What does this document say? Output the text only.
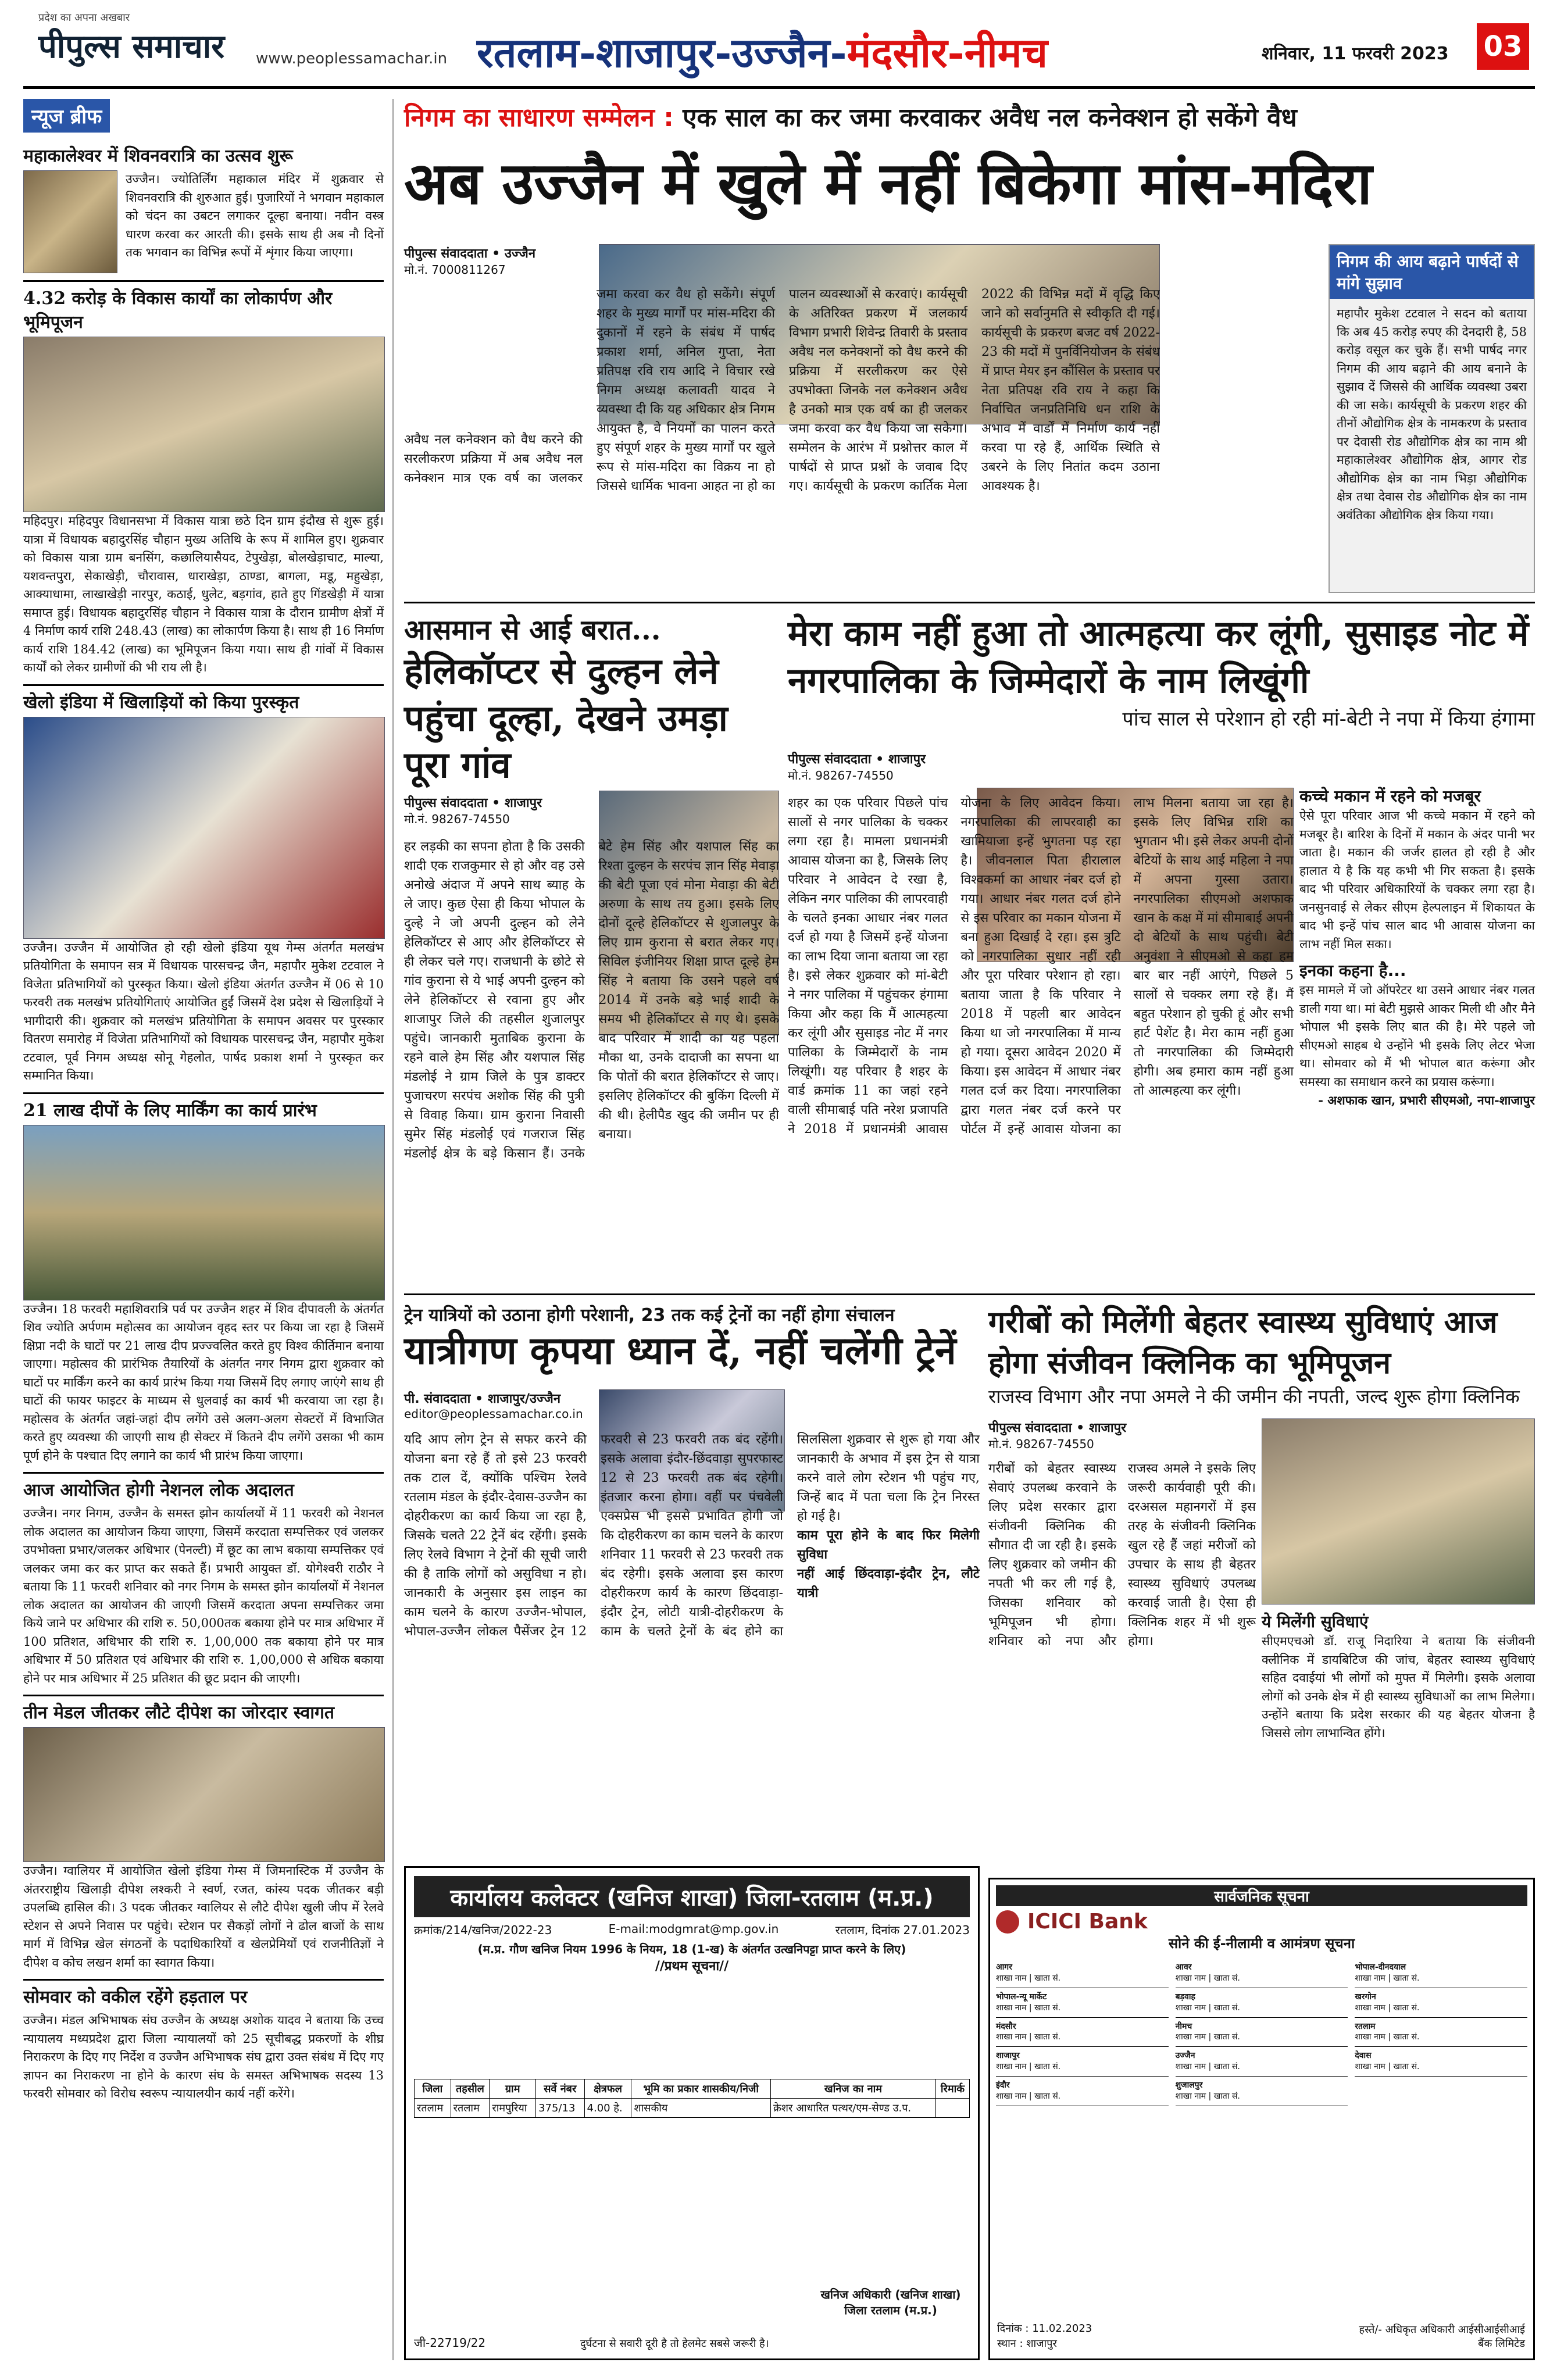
प्रदेश का अपना अखबार
पीपुल्स समाचार www.peoplessamachar.in रतलाम-शाजापुर-उज्जैन-मंदसौर-नीमच	शनिवार, 11 फरवरी 2023 03
न्यूज ब्रीफ
महाकालेश्वर में शिवनवरात्रि का उत्सव शुरू
उज्जैन। ज्योतिर्लिंग महाकाल मंदिर में शुक्रवार से शिवनवरात्रि की शुरुआत हुई। पुजारियों ने भगवान महाकाल को चंदन का उबटन लगाकर दूल्हा बनाया। नवीन वस्त्र धारण करवा कर आरती की। इसके साथ ही अब नौ दिनों तक भगवान का विभिन्न रूपों में शृंगार किया जाएगा।
4.32 करोड़ के विकास कार्यों का लोकार्पण और भूमिपूजन
महिदपुर। महिदपुर विधानसभा में विकास यात्रा छठे दिन ग्राम इंदौख से शुरू हुई। यात्रा में विधायक बहादुरसिंह चौहान मुख्य अतिथि के रूप में शामिल हुए। शुक्रवार को विकास यात्रा ग्राम बनसिंग, कछालियासैयद, टेपुखेड़ा, बोलखेड़ाचाट, माल्या, यशवन्तपुरा, सेकाखेड़ी, चौरावास, धाराखेड़ा, ठाण्डा, बागला, मडू, महुखेड़ा, आक्याधामा, लाखाखेड़ी नारपुर, कठाई, धुलेट, बड़गांव, हाते हुए गिंडखेड़ी में यात्रा समाप्त हुई। विधायक बहादुरसिंह चौहान ने विकास यात्रा के दौरान ग्रामीण क्षेत्रों में 4 निर्माण कार्य राशि 248.43 (लाख) का लोकार्पण किया है। साथ ही 16 निर्माण कार्य राशि 184.42 (लाख) का भूमिपूजन किया गया। साथ ही गांवों में विकास कार्यों को लेकर ग्रामीणों की भी राय ली है।
खेलो इंडिया में खिलाड़ियों को किया पुरस्कृत
उज्जैन। उज्जैन में आयोजित हो रही खेलो इंडिया यूथ गेम्स अंतर्गत मलखंभ प्रतियोगिता के समापन सत्र में विधायक पारसचन्द्र जैन, महापौर मुकेश टटवाल ने विजेता प्रतिभागियों को पुरस्कृत किया। खेलो इंडिया अंतर्गत उज्जैन में 06 से 10 फरवरी तक मलखंभ प्रतियोगिताएं आयोजित हुईं जिसमें देश प्रदेश से खिलाड़ियों ने भागीदारी की। शुक्रवार को मलखंभ प्रतियोगिता के समापन अवसर पर पुरस्कार वितरण समारोह में विजेता प्रतिभागियों को विधायक पारसचन्द्र जैन, महापौर मुकेश टटवाल, पूर्व निगम अध्यक्ष सोनू गेहलोत, पार्षद प्रकाश शर्मा ने पुरस्कृत कर सम्मानित किया।
21 लाख दीपों के लिए मार्किंग का कार्य प्रारंभ
उज्जैन। 18 फरवरी महाशिवरात्रि पर्व पर उज्जैन शहर में शिव दीपावली के अंतर्गत शिव ज्योति अर्पणम महोत्सव का आयोजन वृहद स्तर पर किया जा रहा है जिसमें क्षिप्रा नदी के घाटों पर 21 लाख दीप प्रज्ज्वलित करते हुए विश्व कीर्तिमान बनाया जाएगा। महोत्सव की प्रारंभिक तैयारियों के अंतर्गत नगर निगम द्वारा शुक्रवार को घाटों पर मार्किंग करने का कार्य प्रारंभ किया गया जिसमें दिए लगाए जाएंगे साथ ही घाटों की फायर फाइटर के माध्यम से धुलवाई का कार्य भी करवाया जा रहा है। महोत्सव के अंतर्गत जहां-जहां दीप लगेंगे उसे अलग-अलग सेक्टरों में विभाजित करते हुए व्यवस्था की जाएगी साथ ही सेक्टर में कितने दीप लगेंगे उसका भी काम पूर्ण होने के पश्चात दिए लगाने का कार्य भी प्रारंभ किया जाएगा।
आज आयोजित होगी नेशनल लोक अदालत
उज्जैन। नगर निगम, उज्जैन के समस्त झोन कार्यालयों में 11 फरवरी को नेशनल लोक अदालत का आयोजन किया जाएगा, जिसमें करदाता सम्पत्तिकर एवं जलकर उपभोक्ता प्रभार/जलकर अधिभार (पेनल्टी) में छूट का लाभ बकाया सम्पत्तिकर एवं जलकर जमा कर कर प्राप्त कर सकते हैं। प्रभारी आयुक्त डॉ. योगेश्वरी राठौर ने बताया कि 11 फरवरी शनिवार को नगर निगम के समस्त झोन कार्यालयों में नेशनल लोक अदालत का आयोजन की जाएगी जिसमें करदाता अपना सम्पत्तिकर जमा किये जाने पर अधिभार की राशि रु. 50,000तक बकाया होने पर मात्र अधिभार में 100 प्रतिशत, अधिभार की राशि रु. 1,00,000 तक बकाया होने पर मात्र अधिभार में 50 प्रतिशत एवं अधिभार की राशि रु. 1,00,000 से अधिक बकाया होने पर मात्र अधिभार में 25 प्रतिशत की छूट प्रदान की जाएगी।
तीन मेडल जीतकर लौटे दीपेश का जोरदार स्वागत
उज्जैन। ग्वालियर में आयोजित खेलो इंडिया गेम्स में जिमनास्टिक में उज्जैन के अंतरराष्ट्रीय खिलाड़ी दीपेश लश्करी ने स्वर्ण, रजत, कांस्य पदक जीतकर बड़ी उपलब्धि हासिल की। 3 पदक जीतकर ग्वालियर से लौटे दीपेश खुली जीप में रेलवे स्टेशन से अपने निवास पर पहुंचे। स्टेशन पर सैकड़ों लोगों ने ढोल बाजों के साथ मार्ग में विभिन्न खेल संगठनों के पदाधिकारियों व खेलप्रेमियों एवं राजनीतिज्ञों ने दीपेश व कोच लखन शर्मा का स्वागत किया।
सोमवार को वकील रहेंगे हड़ताल पर
उज्जैन। मंडल अभिभाषक संघ उज्जैन के अध्यक्ष अशोक यादव ने बताया कि उच्च न्यायालय मध्यप्रदेश द्वारा जिला न्यायालयों को 25 सूचीबद्ध प्रकरणों के शीघ्र निराकरण के दिए गए निर्देश व उज्जैन अभिभाषक संघ द्वारा उक्त संबंध में दिए गए ज्ञापन का निराकरण ना होने के कारण संघ के समस्त अभिभाषक सदस्य 13 फरवरी सोमवार को विरोध स्वरूप न्यायालयीन कार्य नहीं करेंगे।
निगम का साधारण सम्मेलन : एक साल का कर जमा करवाकर अवैध नल कनेक्शन हो सकेंगे वैध
अब उज्जैन में खुले में नहीं बिकेगा मांस-मदिरा
पीपुल्स संवाददाता • उज्जैन
मो.नं. 7000811267
अवैध नल कनेक्शन को वैध करने की सरलीकरण प्रक्रिया में अब अवैध नल कनेक्शन मात्र एक वर्ष का जलकर जमा करवा कर वैध हो सकेंगे। संपूर्ण शहर के मुख्य मार्गों पर मांस-मदिरा की दुकानों में रहने के संबंध में पार्षद प्रकाश शर्मा, अनिल गुप्ता, नेता प्रतिपक्ष रवि राय आदि ने विचार रखे निगम अध्यक्ष कलावती यादव ने व्यवस्था दी कि यह अधिकार क्षेत्र निगम आयुक्त है, वे नियमों का पालन करते हुए संपूर्ण शहर के मुख्य मार्गों पर खुले रूप से मांस-मदिरा का विक्रय ना हो जिससे धार्मिक भावना आहत ना हो का पालन व्यवस्थाओं से करवाएं। कार्यसूची के अतिरिक्त प्रकरण में जलकार्य विभाग प्रभारी शिवेन्द्र तिवारी के प्रस्ताव अवैध नल कनेक्शनों को वैध करने की प्रक्रिया में सरलीकरण कर ऐसे उपभोक्ता जिनके नल कनेक्शन अवैध है उनको मात्र एक वर्ष का ही जलकर जमा करवा कर वैध किया जा सकेगा। सम्मेलन के आरंभ में प्रश्नोत्तर काल में पार्षदों से प्राप्त प्रश्नों के जवाब दिए गए। कार्यसूची के प्रकरण कार्तिक मेला 2022 की विभिन्न मदों में वृद्धि किए जाने को सर्वानुमति से स्वीकृति दी गई। कार्यसूची के प्रकरण बजट वर्ष 2022-23 की मदों में पुनर्विनियोजन के संबंध में प्राप्त मेयर इन कौंसिल के प्रस्ताव पर नेता प्रतिपक्ष रवि राय ने कहा कि निर्वाचित जनप्रतिनिधि धन राशि के अभाव में वार्डों में निर्माण कार्य नहीं करवा पा रहे हैं, आर्थिक स्थिति से उबरने के लिए नितांत कदम उठाना आवश्यक है।
निगम की आय बढ़ाने पार्षदों से मांगे सुझाव
महापौर मुकेश टटवाल ने सदन को बताया कि अब 45 करोड़ रुपए की देनदारी है, 58 करोड़ वसूल कर चुके हैं। सभी पार्षद नगर निगम की आय बढ़ाने की आय बनाने के सुझाव दें जिससे की आर्थिक व्यवस्था उबरा की जा सके। कार्यसूची के प्रकरण शहर की तीनों औद्योगिक क्षेत्र के नामकरण के प्रस्ताव पर देवासी रोड औद्योगिक क्षेत्र का नाम श्री महाकालेश्वर औद्योगिक क्षेत्र, आगर रोड औद्योगिक क्षेत्र का नाम भिड़ा औद्योगिक क्षेत्र तथा देवास रोड औद्योगिक क्षेत्र का नाम अवंतिका औद्योगिक क्षेत्र किया गया।
आसमान से आई बरात...
हेलिकॉप्टर से दुल्हन लेने पहुंचा दूल्हा, देखने उमड़ा पूरा गांव
पीपुल्स संवाददाता • शाजापुर
मो.नं. 98267-74550
हर लड़की का सपना होता है कि उसकी शादी एक राजकुमार से हो और वह उसे अनोखे अंदाज में अपने साथ ब्याह के ले जाए। कुछ ऐसा ही किया भोपाल के दुल्हे ने जो अपनी दुल्हन को लेने हेलिकॉप्टर से आए और हेलिकॉप्टर से ही लेकर चले गए। राजधानी के छोटे से गांव कुराना से ये भाई अपनी दुल्हन को लेने हेलिकॉप्टर से रवाना हुए और शाजापुर जिले की तहसील शुजालपुर पहुंचे। जानकारी मुताबिक कुराना के रहने वाले हेम सिंह और यशपाल सिंह मंडलोई ने ग्राम जिले के पुत्र डाक्टर पुजाचरण सरपंच अशोक सिंह की पुत्री से विवाह किया। ग्राम कुराना निवासी सुमेर सिंह मंडलोई एवं गजराज सिंह मंडलोई क्षेत्र के बड़े किसान हैं। उनके बेटे हेम सिंह और यशपाल सिंह का रिश्ता दुल्हन के सरपंच ज्ञान सिंह मेवाड़ा की बेटी पूजा एवं मोना मेवाड़ा की बेटी अरुणा के साथ तय हुआ। इसके लिए दोनों दूल्हे हेलिकॉप्टर से शुजालपुर के लिए ग्राम कुराना से बरात लेकर गए। सिविल इंजीनियर शिक्षा प्राप्त दूल्हे हेम सिंह ने बताया कि उसने पहले वर्ष 2014 में उनके बड़े भाई शादी के समय भी हेलिकॉप्टर से गए थे। इसके बाद परिवार में शादी का यह पहला मौका था, उनके दादाजी का सपना था कि पोतों की बरात हेलिकॉप्टर से जाए। इसलिए हेलिकॉप्टर की बुकिंग दिल्ली में की थी। हेलीपैड खुद की जमीन पर ही बनाया।
मेरा काम नहीं हुआ तो आत्महत्या कर लूंगी, सुसाइड नोट में नगरपालिका के जिम्मेदारों के नाम लिखूंगी
पांच साल से परेशान हो रही मां-बेटी ने नपा में किया हंगामा
पीपुल्स संवाददाता • शाजापुर
मो.नं. 98267-74550
शहर का एक परिवार पिछले पांच सालों से नगर पालिका के चक्कर लगा रहा है। मामला प्रधानमंत्री आवास योजना का है, जिसके लिए परिवार ने आवेदन दे रखा है, लेकिन नगर पालिका की लापरवाही के चलते इनका आधार नंबर गलत दर्ज हो गया है जिसमें इन्हें योजना का लाभ दिया जाना बताया जा रहा है। इसे लेकर शुक्रवार को मां-बेटी ने नगर पालिका में पहुंचकर हंगामा किया और कहा कि मैं आत्महत्या कर लूंगी और सुसाइड नोट में नगर पालिका के जिम्मेदारों के नाम लिखूंगी। यह परिवार है शहर के वार्ड क्रमांक 11 का जहां रहने वाली सीमाबाई पति नरेश प्रजापति ने 2018 में प्रधानमंत्री आवास योजना के लिए आवेदन किया। नगरपालिका की लापरवाही का खामियाजा इन्हें भुगतना पड़ रहा है। जीवनलाल पिता हीरालाल विश्वकर्मा का आधार नंबर दर्ज हो गया। आधार नंबर गलत दर्ज होने से इस परिवार का मकान योजना में बना हुआ दिखाई दे रहा। इस त्रुटि को नगरपालिका सुधार नहीं रही और पूरा परिवार परेशान हो रहा। बताया जाता है कि परिवार ने 2018 में पहली बार आवेदन किया था जो नगरपालिका में मान्य हो गया। दूसरा आवेदन 2020 में किया। इस आवेदन में आधार नंबर गलत दर्ज कर दिया। नगरपालिका द्वारा गलत नंबर दर्ज करने पर पोर्टल में इन्हें आवास योजना का लाभ मिलना बताया जा रहा है। इसके लिए विभिन्न राशि का भुगतान भी। इसे लेकर अपनी दोनों बेटियों के साथ आई महिला ने नपा में अपना गुस्सा उतारा। नगरपालिका सीएमओ अशफाक खान के कक्ष में मां सीमाबाई अपनी दो बेटियों के साथ पहुंची। बेटी अनुवंशा ने सीएमओ से कहा हम बार बार नहीं आएंगे, पिछले 5 सालों से चक्कर लगा रहे हैं। मैं बहुत परेशान हो चुकी हूं और सभी हार्ट पेशेंट है। मेरा काम नहीं हुआ तो नगरपालिका की जिम्मेदारी होगी। अब हमारा काम नहीं हुआ तो आत्महत्या कर लूंगी।
कच्चे मकान में रहने को मजबूर
ऐसे पूरा परिवार आज भी कच्चे मकान में रहने को मजबूर है। बारिश के दिनों में मकान के अंदर पानी भर जाता है। मकान की जर्जर हालत हो रही है और हालात ये है कि यह कभी भी गिर सकता है। इसके बाद भी परिवार अधिकारियों के चक्कर लगा रहा है। जनसुनवाई से लेकर सीएम हेल्पलाइन में शिकायत के बाद भी इन्हें पांच साल बाद भी आवास योजना का लाभ नहीं मिल सका।
इनका कहना है...
इस मामले में जो ऑपरेटर था उसने आधार नंबर गलत डाली गया था। मां बेटी मुझसे आकर मिली थी और मैने भोपाल भी इसके लिए बात की है। मेरे पहले जो सीएमओ साहब थे उन्होंने भी इसके लिए लेटर भेजा था। सोमवार को मैं भी भोपाल बात करूंगा और समस्या का समाधान करने का प्रयास करूंगा।
- अशफाक खान, प्रभारी सीएमओ, नपा-शाजापुर
ट्रेन यात्रियों को उठाना होगी परेशानी, 23 तक कई ट्रेनों का नहीं होगा संचालन
यात्रीगण कृपया ध्यान दें, नहीं चलेंगी ट्रेनें
पी. संवाददाता • शाजापुर/उज्जैन
editor@peoplessamachar.co.in
यदि आप लोग ट्रेन से सफर करने की योजना बना रहे हैं तो इसे 23 फरवरी तक टाल दें, क्योंकि पश्चिम रेलवे रतलाम मंडल के इंदौर-देवास-उज्जैन का दोहरीकरण का कार्य किया जा रहा है, जिसके चलते 22 ट्रेनें बंद रहेंगी। इसके लिए रेलवे विभाग ने ट्रेनों की सूची जारी की है ताकि लोगों को असुविधा न हो। जानकारी के अनुसार इस लाइन का काम चलने के कारण उज्जैन-भोपाल, भोपाल-उज्जैन लोकल पैसेंजर ट्रेन 12 फरवरी से 23 फरवरी तक बंद रहेंगी। इसके अलावा इंदौर-छिंदवाड़ा सुपरफास्ट 12 से 23 फरवरी तक बंद रहेगी। इंतजार करना होगा। वहीं पर पंचवेली एक्सप्रेस भी इससे प्रभावित होगी जो कि दोहरीकरण का काम चलने के कारण शनिवार 11 फरवरी से 23 फरवरी तक बंद रहेगी। इसके अलावा इस कारण दोहरीकरण कार्य के कारण छिंदवाड़ा-इंदौर ट्रेन, लोटी यात्री-दोहरीकरण के काम के चलते ट्रेनों के बंद होने का सिलसिला शुक्रवार से शुरू हो गया और जानकारी के अभाव में इस ट्रेन से यात्रा करने वाले लोग स्टेशन भी पहुंच गए, जिन्हें बाद में पता चला कि ट्रेन निरस्त हो गई है।
काम पूरा होने के बाद फिर मिलेगी सुविधा
नहीं आई छिंदवाड़ा-इंदौर ट्रेन, लौटे यात्री
गरीबों को मिलेंगी बेहतर स्वास्थ्य सुविधाएं आज होगा संजीवन क्लिनिक का भूमिपूजन
राजस्व विभाग और नपा अमले ने की जमीन की नपती, जल्द शुरू होगा क्लिनिक
पीपुल्स संवाददाता • शाजापुर
मो.नं. 98267-74550
गरीबों को बेहतर स्वास्थ्य सेवाएं उपलब्ध करवाने के लिए प्रदेश सरकार द्वारा संजीवनी क्लिनिक की सौगात दी जा रही है। इसके लिए शुक्रवार को जमीन की नपती भी कर ली गई है, जिसका शनिवार को भूमिपूजन भी होगा। शनिवार को नपा और राजस्व अमले ने इसके लिए जरूरी कार्यवाही पूरी की। दरअसल महानगरों में इस तरह के संजीवनी क्लिनिक खुल रहे हैं जहां मरीजों को उपचार के साथ ही बेहतर स्वास्थ्य सुविधाएं उपलब्ध करवाई जाती है। ऐसा ही क्लिनिक शहर में भी शुरू होगा।
ये मिलेंगी सुविधाएं
सीएमएचओ डॉ. राजू निदारिया ने बताया कि संजीवनी क्लीनिक में डायबिटिज की जांच, बेहतर स्वास्थ्य सुविधाएं सहित दवाईयां भी लोगों को मुफ्त में मिलेगी। इसके अलावा लोगों को उनके क्षेत्र में ही स्वास्थ्य सुविधाओं का लाभ मिलेगा। उन्होंने बताया कि प्रदेश सरकार की यह बेहतर योजना है जिससे लोग लाभान्वित होंगे।
कार्यालय कलेक्टर (खनिज शाखा) जिला-रतलाम (म.प्र.)
क्रमांक/214/खनिज/2022-23	E-mail:modgmrat@mp.gov.in	रतलाम, दिनांक 27.01.2023
(म.प्र. गौण खनिज नियम 1996 के नियम, 18 (1-ख) के अंतर्गत उत्खनिपट्टा प्राप्त करने के लिए)
//प्रथम सूचना//
जिला	तहसील	ग्राम	सर्वे नंबर	क्षेत्रफल	भूमि का प्रकार शासकीय/निजी	खनिज का नाम	रिमार्क
रतलाम	रतलाम	रामपुरिया	375/13	4.00 हे.	शासकीय	क्रेशर आधारित पत्थर/एम-सेण्ड उ.प.	
खनिज अधिकारी (खनिज शाखा) जिला रतलाम (म.प्र.)
जी-22719/22	दुर्घटना से सवारी दूरी है तो हेलमेट सबसे जरूरी है।
सार्वजनिक सूचना
ICICI Bank
सोने की ई-नीलामी व आमंत्रण सूचना
आगर
शाखा नाम | खाता सं.
आवर
शाखा नाम | खाता सं.
भोपाल-दीनदयाल
शाखा नाम | खाता सं.
भोपाल-न्यू मार्केट
शाखा नाम | खाता सं.
बड़वाह
शाखा नाम | खाता सं.
खरगोन
शाखा नाम | खाता सं.
मंदसौर
शाखा नाम | खाता सं.
नीमच
शाखा नाम | खाता सं.
रतलाम
शाखा नाम | खाता सं.
शाजापुर
शाखा नाम | खाता सं.
उज्जैन
शाखा नाम | खाता सं.
देवास
शाखा नाम | खाता सं.
इंदौर
शाखा नाम | खाता सं.
शुजालपुर
शाखा नाम | खाता सं.
दिनांक : 11.02.2023
स्थान : शाजापुर
हस्ते/- अधिकृत अधिकारी आईसीआईसीआई बैंक लिमिटेड
